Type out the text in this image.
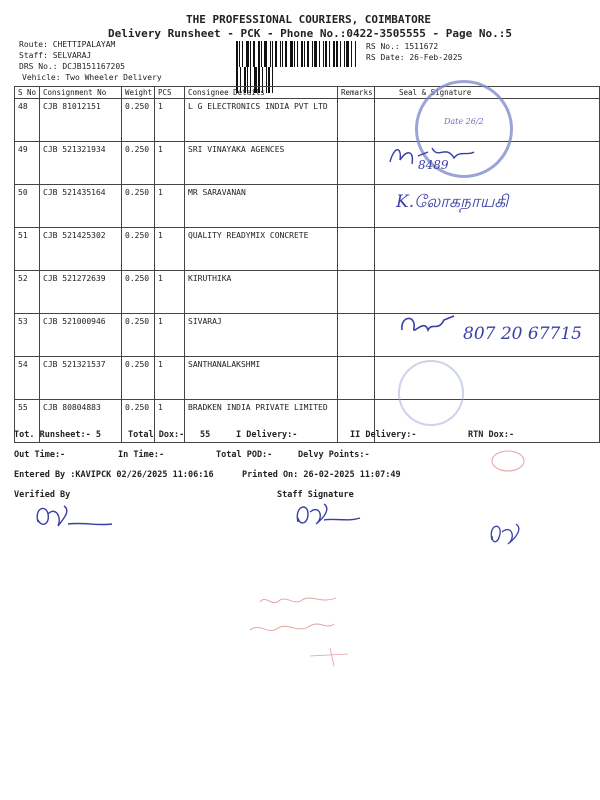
THE PROFESSIONAL COURIERS, COIMBATORE
Delivery Runsheet - PCK - Phone No.:0422-3505555 - Page No.:5
Route: CHETTIPALAYAM
Staff: SELVARAJ
DRS No.: DCJB151167205
Vehicle: Two Wheeler Delivery
RS No.: 1511672
RS Date: 26-Feb-2025
S No	Consignment No	Weight	PCS	Consignee Details	Remarks	Seal & Signature
48	CJB 81012151	0.250	1	L G ELECTRONICS INDIA PVT LTD		
49	CJB 521321934	0.250	1	SRI VINAYAKA AGENCES		
50	CJB 521435164	0.250	1	MR SARAVANAN		
51	CJB 521425302	0.250	1	QUALITY READYMIX CONCRETE		
52	CJB 521272639	0.250	1	KIRUTHIKA		
53	CJB 521000946	0.250	1	SIVARAJ		
54	CJB 521321537	0.250	1	SANTHANALAKSHMI		
55	CJB 80804883	0.250	1	BRADKEN INDIA PRIVATE LIMITED		
Date 26/2
8489
K.லோகநாயகி
807 20 67715
Tot. Runsheet:- 5	Total Dox:- 55	I Delivery:-	II Delivery:-	RTN Dox:-
Out Time:-	In Time:-	Total POD:-	Delvy Points:-
Entered By :KAVIPCK 02/26/2025 11:06:16	Printed On: 26-02-2025 11:07:49
Verified By	Staff Signature
